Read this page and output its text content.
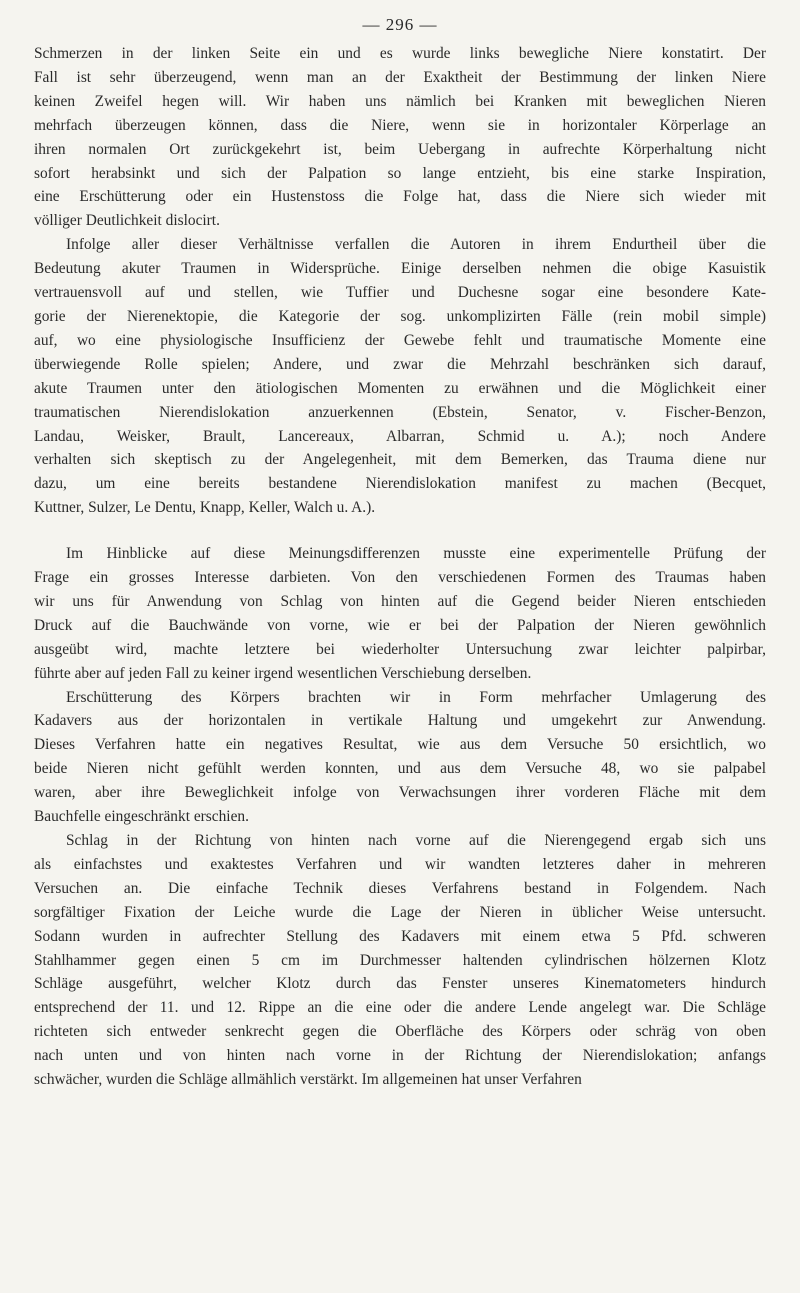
— 296 —

Schmerzen in der linken Seite ein und es wurde links bewegliche Niere konstatirt. Der
Fall ist sehr überzeugend, wenn man an der Exaktheit der Bestimmung der linken Niere
keinen Zweifel hegen will. Wir haben uns nämlich bei Kranken mit beweglichen Nieren
mehrfach überzeugen können, dass die Niere, wenn sie in horizontaler Körperlage an
ihren normalen Ort zurückgekehrt ist, beim Uebergang in aufrechte Körperhaltung nicht
sofort herabsinkt und sich der Palpation so lange entzieht, bis eine starke Inspiration,
eine Erschütterung oder ein Hustenstoss die Folge hat, dass die Niere sich wieder mit
völliger Deutlichkeit dislocirt.

Infolge aller dieser Verhältnisse verfallen die Autoren in ihrem Endurtheil über die
Bedeutung akuter Traumen in Widersprüche. Einige derselben nehmen die obige Kasuistik
vertrauensvoll auf und stellen, wie Tuffier und Duchesne sogar eine besondere Kate-
gorie der Nierenektopie, die Kategorie der sog. unkomplizirten Fälle (rein mobil simple)
auf, wo eine physiologische Insufficienz der Gewebe fehlt und traumatische Momente eine
überwiegende Rolle spielen; Andere, und zwar die Mehrzahl beschränken sich darauf,
akute Traumen unter den ätiologischen Momenten zu erwähnen und die Möglichkeit einer
traumatischen Nierendislokation anzuerkennen (Ebstein, Senator, v. Fischer-Benzon,
Landau, Weisker, Brault, Lancereaux, Albarran, Schmid u. A.); noch Andere
verhalten sich skeptisch zu der Angelegenheit, mit dem Bemerken, das Trauma diene nur
dazu, um eine bereits bestandene Nierendislokation manifest zu machen (Becquet,
Kuttner, Sulzer, Le Dentu, Knapp, Keller, Walch u. A.).

Im Hinblicke auf diese Meinungsdifferenzen musste eine experimentelle Prüfung der
Frage ein grosses Interesse darbieten. Von den verschiedenen Formen des Traumas haben
wir uns für Anwendung von Schlag von hinten auf die Gegend beider Nieren entschieden
Druck auf die Bauchwände von vorne, wie er bei der Palpation der Nieren gewöhnlich
ausgeübt wird, machte letztere bei wiederholter Untersuchung zwar leichter palpirbar,
führte aber auf jeden Fall zu keiner irgend wesentlichen Verschiebung derselben.

Erschütterung des Körpers brachten wir in Form mehrfacher Umlagerung des
Kadavers aus der horizontalen in vertikale Haltung und umgekehrt zur Anwendung.
Dieses Verfahren hatte ein negatives Resultat, wie aus dem Versuche 50 ersichtlich, wo
beide Nieren nicht gefühlt werden konnten, und aus dem Versuche 48, wo sie palpabel
waren, aber ihre Beweglichkeit infolge von Verwachsungen ihrer vorderen Fläche mit dem
Bauchfelle eingeschränkt erschien.

Schlag in der Richtung von hinten nach vorne auf die Nierengegend ergab sich uns
als einfachstes und exaktestes Verfahren und wir wandten letzteres daher in mehreren
Versuchen an. Die einfache Technik dieses Verfahrens bestand in Folgendem. Nach
sorgfältiger Fixation der Leiche wurde die Lage der Nieren in üblicher Weise untersucht.
Sodann wurden in aufrechter Stellung des Kadavers mit einem etwa 5 Pfd. schweren
Stahlhammer gegen einen 5 cm im Durchmesser haltenden cylindrischen hölzernen Klotz
Schläge ausgeführt, welcher Klotz durch das Fenster unseres Kinematometers hindurch
entsprechend der 11. und 12. Rippe an die eine oder die andere Lende angelegt war. Die Schläge
richteten sich entweder senkrecht gegen die Oberfläche des Körpers oder schräg von oben
nach unten und von hinten nach vorne in der Richtung der Nierendislokation; anfangs
schwächer, wurden die Schläge allmählich verstärkt. Im allgemeinen hat unser Verfahren
